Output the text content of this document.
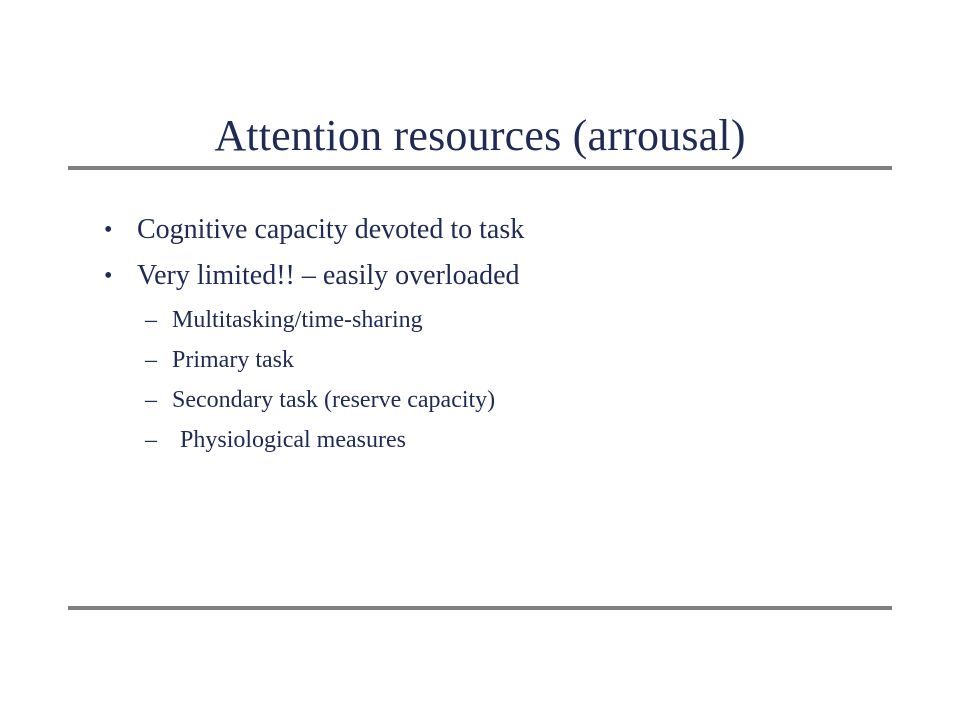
Attention resources (arrousal)
• Cognitive capacity devoted to task
• Very limited!! – easily overloaded
– Multitasking/time-sharing
– Primary task
– Secondary task (reserve capacity)
– Physiological measures
